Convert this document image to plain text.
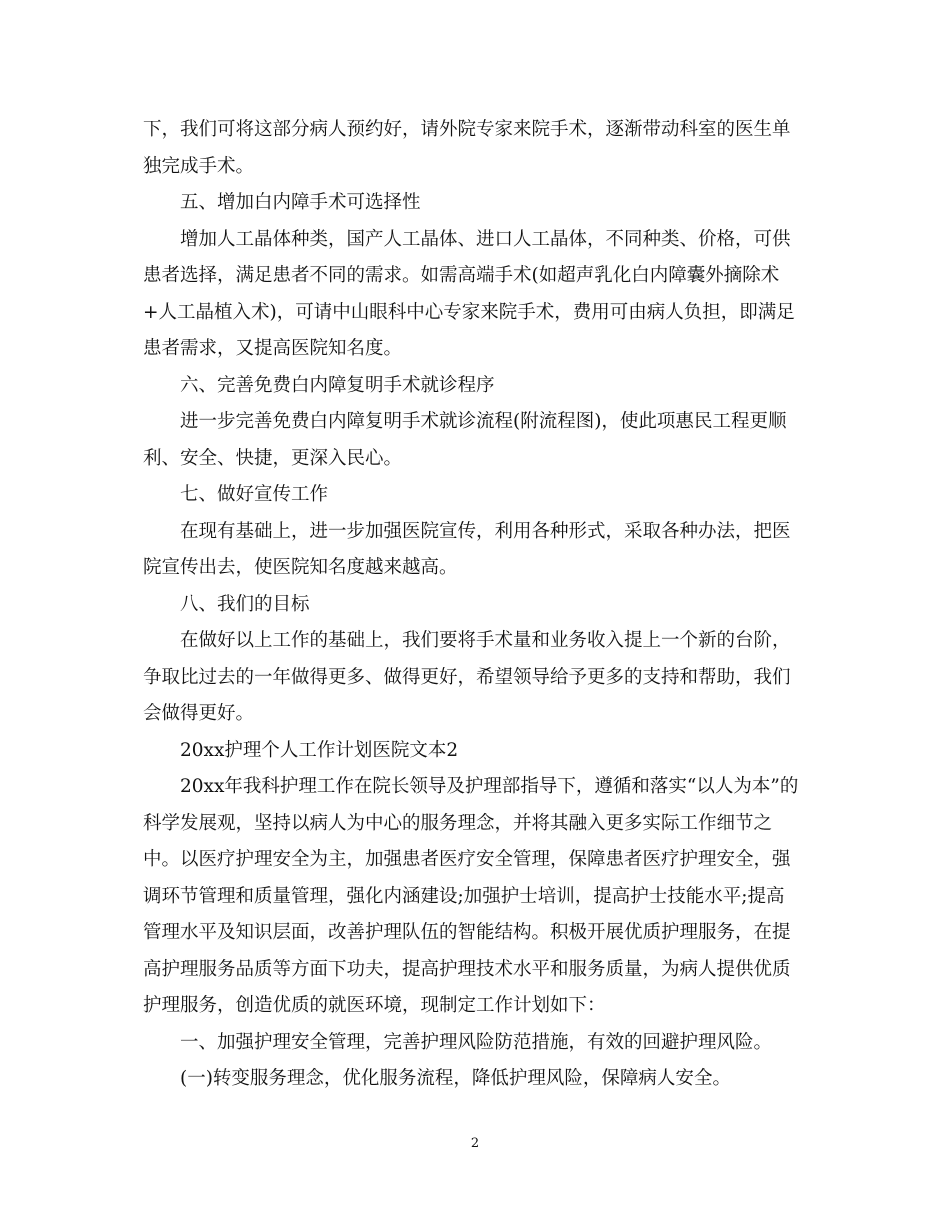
下，我们可将这部分病人预约好，请外院专家来院手术，逐渐带动科室的医生单

独完成手术。

五、增加白内障手术可选择性

增加人工晶体种类，国产人工晶体、进口人工晶体，不同种类、价格，可供

患者选择，满足患者不同的需求。如需高端手术(如超声乳化白内障囊外摘除术

+人工晶植入术)，可请中山眼科中心专家来院手术，费用可由病人负担，即满足

患者需求，又提高医院知名度。

六、完善免费白内障复明手术就诊程序

进一步完善免费白内障复明手术就诊流程(附流程图)，使此项惠民工程更顺

利、安全、快捷，更深入民心。

七、做好宣传工作

在现有基础上，进一步加强医院宣传，利用各种形式，采取各种办法，把医

院宣传出去，使医院知名度越来越高。

八、我们的目标

在做好以上工作的基础上，我们要将手术量和业务收入提上一个新的台阶，

争取比过去的一年做得更多、做得更好，希望领导给予更多的支持和帮助，我们

会做得更好。

20xx护理个人工作计划医院文本2

20xx年我科护理工作在院长领导及护理部指导下，遵循和落实“以人为本”的

科学发展观，坚持以病人为中心的服务理念，并将其融入更多实际工作细节之

中。以医疗护理安全为主，加强患者医疗安全管理，保障患者医疗护理安全，强

调环节管理和质量管理，强化内涵建设;加强护士培训，提高护士技能水平;提高

管理水平及知识层面，改善护理队伍的智能结构。积极开展优质护理服务，在提

高护理服务品质等方面下功夫，提高护理技术水平和服务质量，为病人提供优质

护理服务，创造优质的就医环境，现制定工作计划如下：

一、加强护理安全管理，完善护理风险防范措施，有效的回避护理风险。

(一)转变服务理念，优化服务流程，降低护理风险，保障病人安全。

2
